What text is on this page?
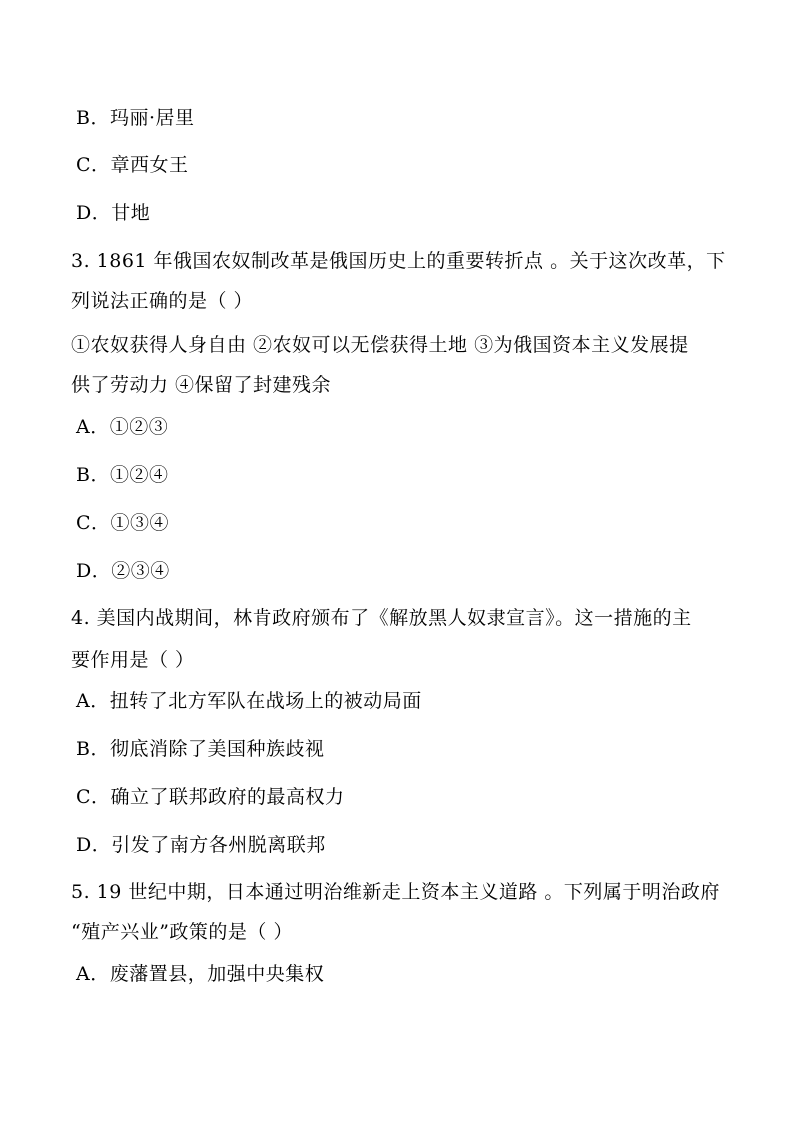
B．玛丽·居里
C．章西女王
D．甘地
3. 1861 年俄国农奴制改革是俄国历史上的重要转折点 。关于这次改革，下
列说法正确的是（ ）
①农奴获得人身自由 ②农奴可以无偿获得土地 ③为俄国资本主义发展提
供了劳动力 ④保留了封建残余
A．①②③
B．①②④
C．①③④
D．②③④
4. 美国内战期间，林肯政府颁布了《解放黑人奴隶宣言》。这一措施的主
要作用是（ ）
A．扭转了北方军队在战场上的被动局面
B．彻底消除了美国种族歧视
C．确立了联邦政府的最高权力
D．引发了南方各州脱离联邦
5. 19 世纪中期，日本通过明治维新走上资本主义道路 。下列属于明治政府
“殖产兴业”政策的是（ ）
A．废藩置县，加强中央集权
